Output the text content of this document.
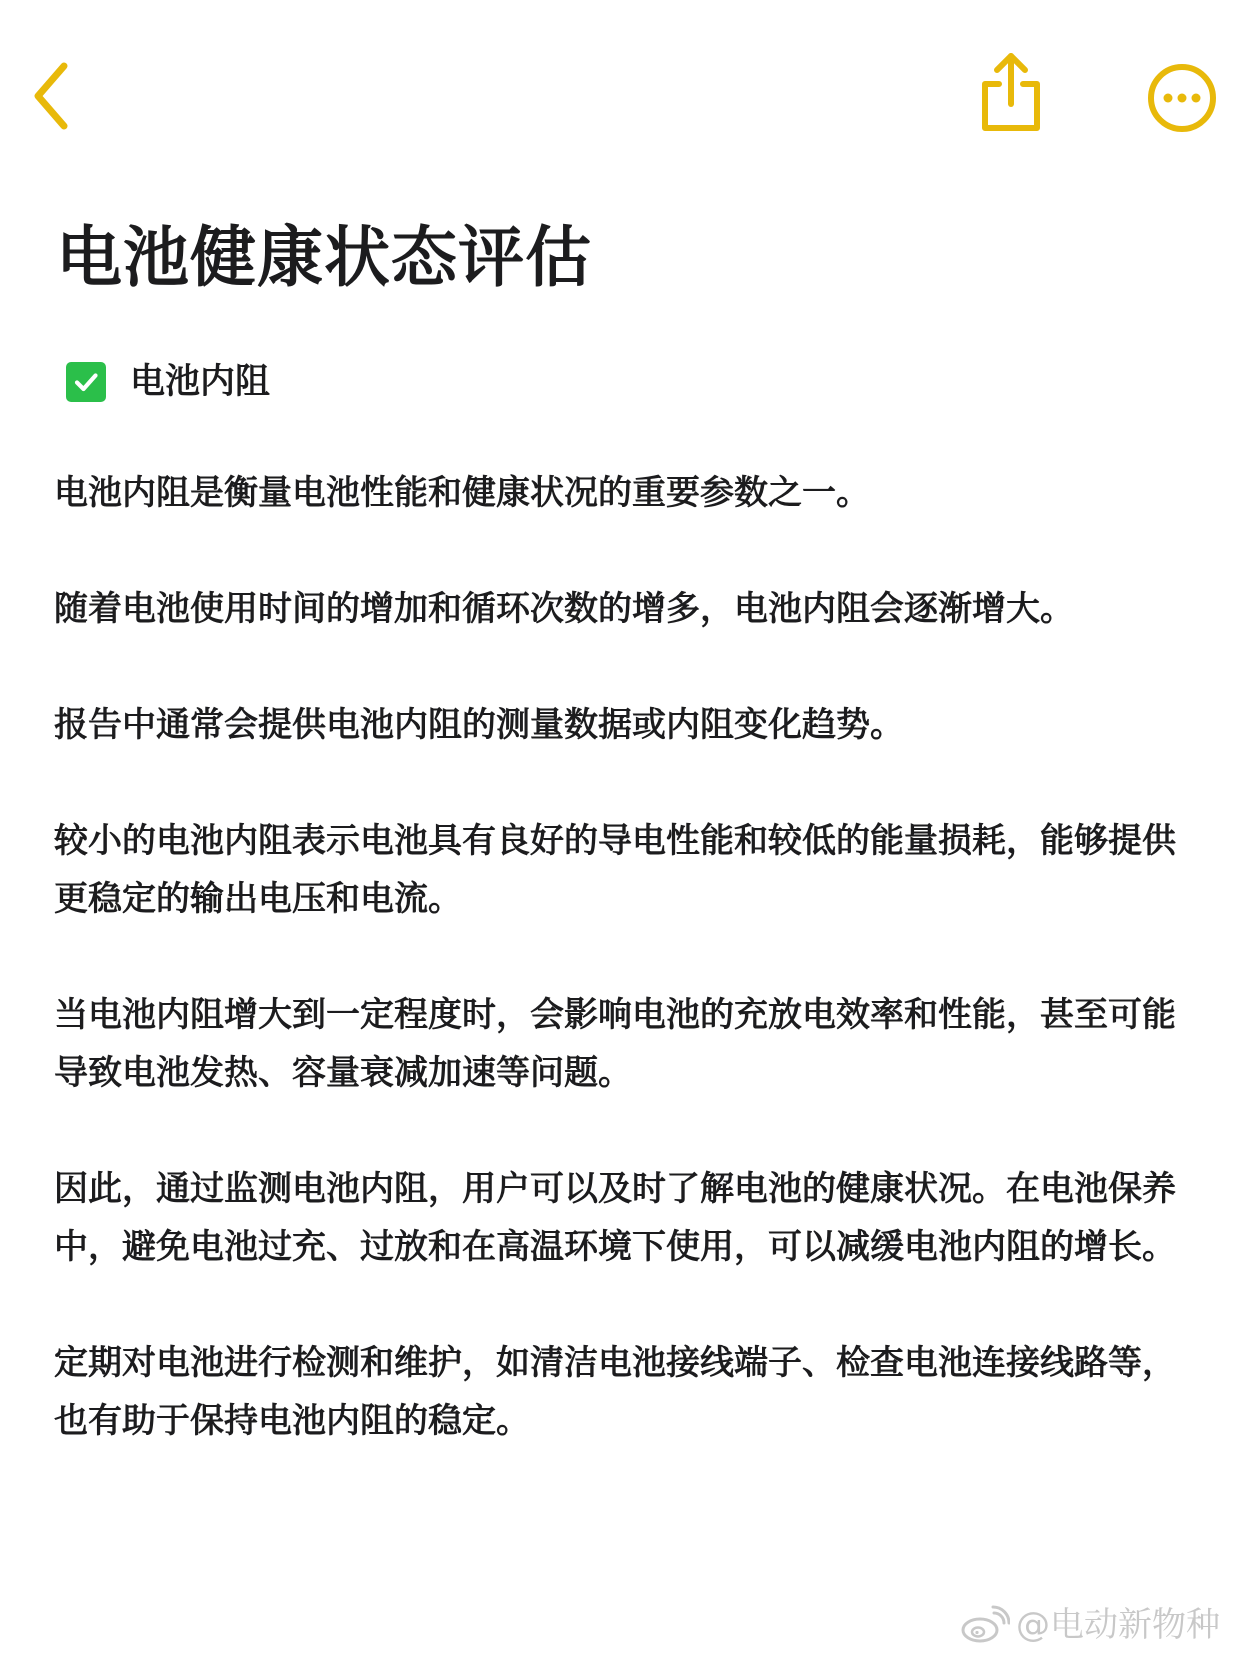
电池健康状态评估
电池内阻

电池内阻是衡量电池性能和健康状况的重要参数之一。

随着电池使用时间的增加和循环次数的增多，电池内阻会逐渐增大。

报告中通常会提供电池内阻的测量数据或内阻变化趋势。

较小的电池内阻表示电池具有良好的导电性能和较低的能量损耗，能够提供更稳定的输出电压和电流。

当电池内阻增大到一定程度时，会影响电池的充放电效率和性能，甚至可能导致电池发热、容量衰减加速等问题。

因此，通过监测电池内阻，用户可以及时了解电池的健康状况。在电池保养中，避免电池过充、过放和在高温环境下使用，可以减缓电池内阻的增长。

定期对电池进行检测和维护，如清洁电池接线端子、检查电池连接线路等，也有助于保持电池内阻的稳定。

@电动新物种
